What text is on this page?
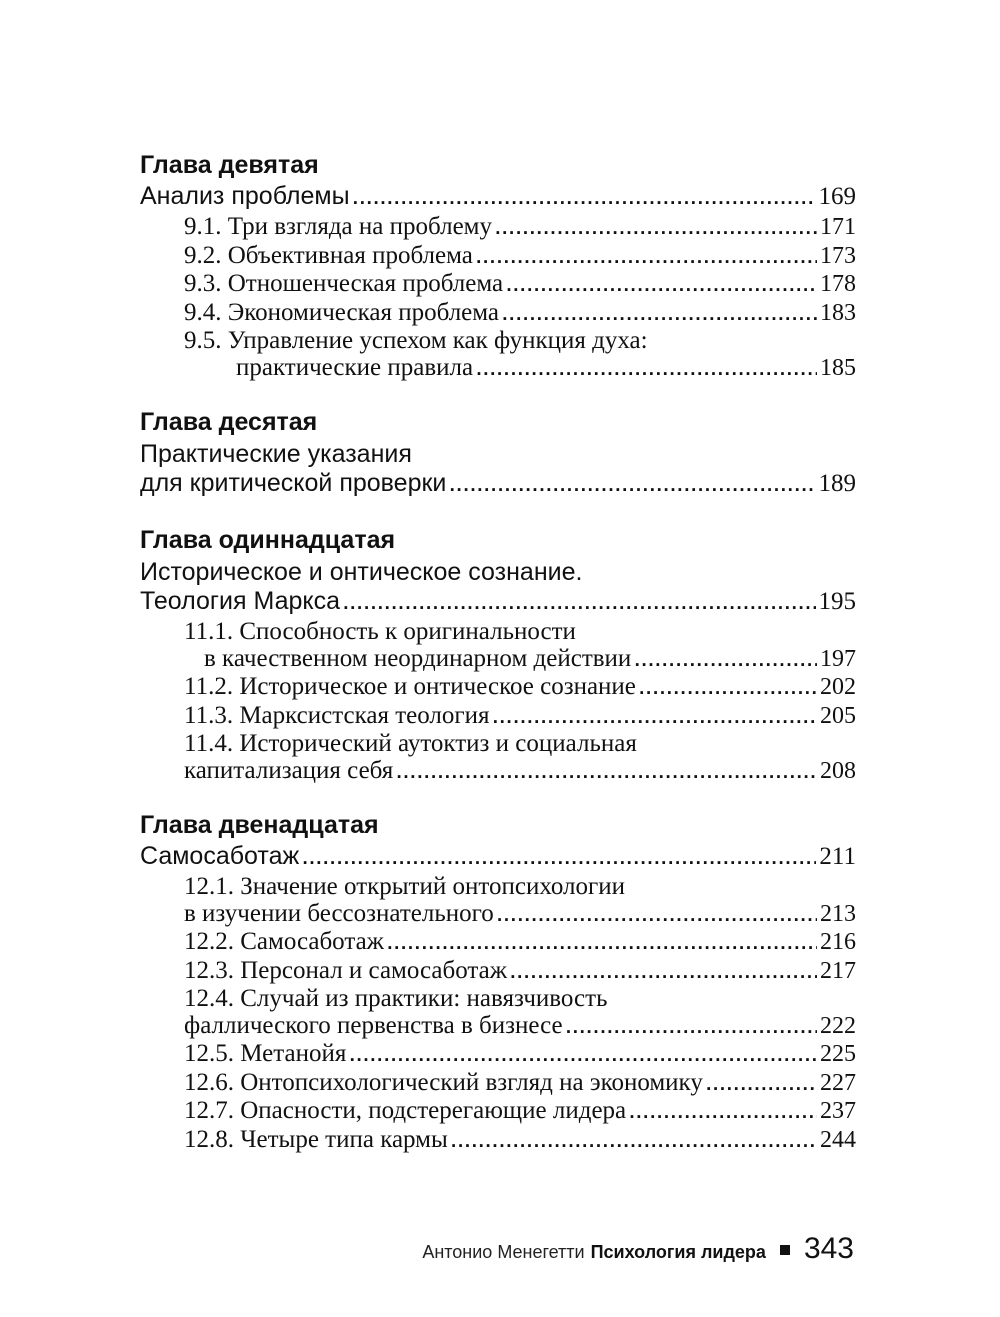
Глава девятая
Анализ проблемы .....	169
9.1. Три взгляда на проблему .....	171
9.2. Объективная проблема .....	173
9.3. Отношенческая проблема .....	178
9.4. Экономическая проблема .....	183
9.5. Управление успехом как функция духа:
практические правила .....	185
Глава десятая
Практические указания
для критической проверки .....	189
Глава одиннадцатая
Историческое и онтическое сознание.
Теология Маркса .....	195
11.1. Способность к оригинальности
в качественном неординарном действии .....	197
11.2. Историческое и онтическое сознание .....	202
11.3. Марксистская теология .....	205
11.4. Исторический аутоктиз и социальная
капитализация себя .....	208
Глава двенадцатая
Самосаботаж .....	211
12.1. Значение открытий онтопсихологии
в изучении бессознательного .....	213
12.2. Самосаботаж .....	216
12.3. Персонал и самосаботаж .....	217
12.4. Случай из практики: навязчивость
фаллического первенства в бизнесе .....	222
12.5. Метанойя .....	225
12.6. Онтопсихологический взгляд на экономику .....	227
12.7. Опасности, подстерегающие лидера .....	237
12.8. Четыре типа кармы .....	244
Антонио Менегетти Психология лидера 343
